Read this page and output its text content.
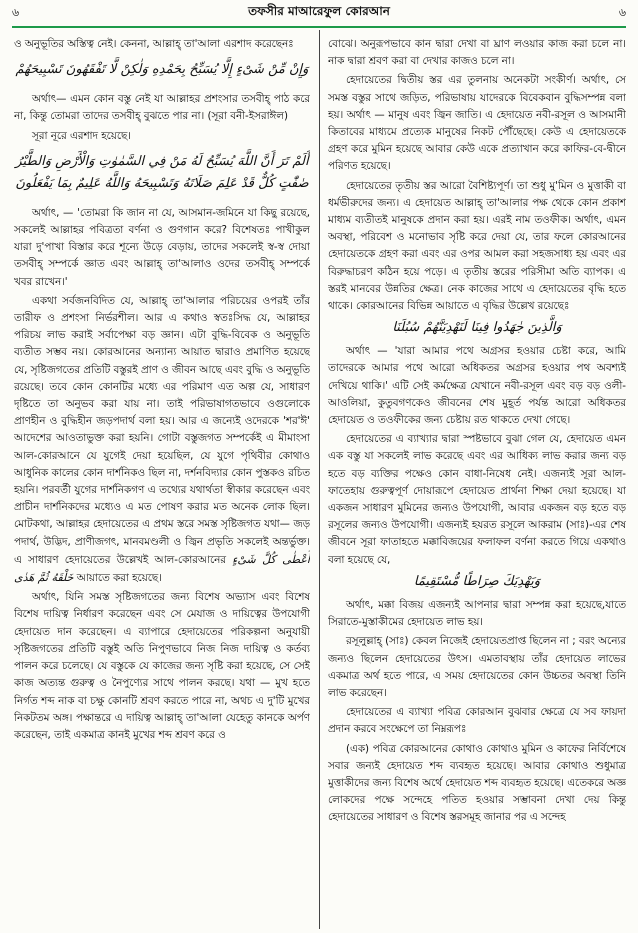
৬	তফসীর মাআরেফুল কোরআন	৬

ও অনুভূতির অস্তিত্ব নেই। কেননা, আল্লাহ্ তা'আলা এরশাদ করেছেনঃ

وَإِنْ مِّنْ شَىْءٍ إِلَّا يُسَبِّحُ بِحَمْدِهِ وَلٰكِنْ لَّا تَفْقَهُونَ تَسْبِيحَهُمْ

অর্থাৎ— এমন কোন বস্তু নেই যা আল্লাহর প্রশংসার তসবীহ্ পাঠ করে না, কিন্তু তোমরা তাদের তসবীহ্ বুঝতে পার না। (সূরা বনী-ইসরাঈল)

সূরা নূরে এরশাদ হয়েছে।

أَلَمْ تَرَ أَنَّ اللَّهَ يُسَبِّحُ لَهُ مَنْ فِي السَّمٰوٰتِ وَالْأَرْضِ وَالطَّيْرُ صٰفّٰتٍ كُلٌّ قَدْ عَلِمَ صَلَاتَهُ وَتَسْبِيحَهُ وَاللَّهُ عَلِيمٌ بِمَا يَفْعَلُونَ

অর্থাৎ, — 'তোমরা কি জান না যে, আসমান-জমিনে যা কিছু রয়েছে, সকলেই আল্লাহর পবিত্রতা বর্ণনা ও গুণগান করে? বিশেষতঃ পাখীকুল যারা দু'পাখা বিস্তার করে শূন্যে উড়ে বেড়ায়, তাদের সকলেই স্ব-স্ব দোয়া তসবীহ্ সম্পর্কে জ্ঞাত এবং আল্লাহ্ তা'আলাও ওদের তসবীহ্ সম্পর্কে খবর রাখেন।'

একথা সর্বজনবিদিত যে, আল্লাহ্ তা'আলার পরিচয়ের ওপরই তাঁর তারীফ ও প্রশংসা নির্ভরশীল। আর এ কথাও স্বতঃসিদ্ধ যে, আল্লাহর পরিচয় লাভ করাই সর্বাপেক্ষা বড় জ্ঞান। এটা বুদ্ধি-বিবেক ও অনুভূতি ব্যতীত সম্ভব নয়। কোরআনের অন্যান্য আয়াত দ্বারাও প্রমাণিত হয়েছে যে, সৃষ্টিজগতের প্রতিটি বস্তুরই প্রাণ ও জীবন আছে এবং বুদ্ধি ও অনুভূতি রয়েছে। তবে কোন কোনটির মধ্যে এর পরিমাণ এত অল্প যে, সাধারণ দৃষ্টিতে তা অনুভব করা যায় না। তাই পরিভাষাগতভাবে ওগুলোকে প্রাণহীন ও বুদ্ধিহীন জড়পদার্থ বলা হয়। আর এ জন্যেই ওদেরকে 'শর'ঈ' আদেশের আওতাভুক্ত করা হয়নি। গোটা বস্তুজগত সম্পর্কেই এ মীমাংসা আল-কোরআনে যে যুগেই দেয়া হয়েছিল, যে যুগে পৃথিবীর কোথাও আধুনিক কালের কোন দার্শনিকও ছিল না, দর্শনবিদ্যার কোন পুস্তকও রচিত হয়নি। পরবর্তী যুগের দার্শনিকগণ এ তথ্যের যথার্থতা স্বীকার করেছেন এবং প্রাচীন দার্শনিকদের মধ্যেও এ মত পোষণ করার মত অনেক লোক ছিল। মোটকথা, আল্লাহর হেদায়েতের এ প্রথম স্তরে সমস্ত সৃষ্টিজগত যথা— জড় পদার্থ, উদ্ভিদ, প্রাণীজগৎ, মানবমণ্ডলী ও জ্বিন প্রভৃতি সকলেই অন্তর্ভুক্ত। এ সাধারণ হেদায়েতের উল্লেখই আল-কোরআনের أَعْطٰى كُلَّ شَىْءٍ خَلْقَهُ ثُمَّ هَدٰى আয়াতে করা হয়েছে।

অর্থাৎ, যিনি সমস্ত সৃষ্টিজগতের জন্য বিশেষ অভ্যাস এবং বিশেষ বিশেষ দায়িত্ব নির্ধারণ করেছেন এবং সে মেযাজ ও দায়িত্বের উপযোগী হেদায়েত দান করেছেন। এ ব্যাপারে হেদায়েতের পরিকল্পনা অনুযায়ী সৃষ্টিজগতের প্রতিটি বস্তুই অতি নিপুণভাবে নিজ নিজ দায়িত্ব ও কর্তব্য পালন করে চলেছে। যে বস্তুকে যে কাজের জন্য সৃষ্টি করা হয়েছে, সে সেই কাজ অত্যন্ত গুরুত্ব ও নৈপুণ্যের সাথে পালন করছে। যথা — মুখ হতে নির্গত শব্দ নাক বা চক্ষু কোনটি শ্রবণ করতে পারে না, অথচ এ দু'টি মুখের নিকটতম অঙ্গ। পক্ষান্তরে এ দায়িত্ব আল্লাহ্ তা'আলা যেহেতু কানকে অর্পণ করেছেন, তাই একমাত্র কানই মুখের শব্দ শ্রবণ করে ও

বোঝে। অনুরূপভাবে কান দ্বারা দেখা বা ঘ্রাণ লওয়ার কাজ করা চলে না। নাক দ্বারা শ্রবণ করা বা দেখার কাজও চলে না।

হেদায়েতের দ্বিতীয় স্তর এর তুলনায় অনেকটা সংকীর্ণ। অর্থাৎ, সে সমস্ত বস্তুর সাথে জড়িত, পরিভাষায় যাদেরকে বিবেকবান বুদ্ধিসম্পন্ন বলা হয়। অর্থাৎ — মানুষ এবং জ্বিন জাতি। এ হেদায়েত নবী-রসূল ও আসমানী কিতাবের মাধ্যমে প্রত্যেক মানুষের নিকট পৌঁছেছে। কেউ এ হেদায়েতকে গ্রহণ করে মুমিন হয়েছে আবার কেউ একে প্রত্যাখান করে কাফির-বে-দ্বীনে পরিণত হয়েছে।

হেদায়েতের তৃতীয় স্তর আরো বৈশিষ্ট্যপূর্ণ। তা শুধু মু'মিন ও মুত্তাকী বা ধর্মভীরুদের জন্য। এ হেদায়েত আল্লাহ্ তা'আলার পক্ষ থেকে কোন প্রকাশ মাধ্যম ব্যতীতই মানুষকে প্রদান করা হয়। এরই নাম তওফীক। অর্থাৎ, এমন অবস্থা, পরিবেশ ও মনোভাব সৃষ্টি করে দেয়া যে, তার ফলে কোরআনের হেদায়েতকে গ্রহণ করা এবং এর ওপর আমল করা সহজসাধ্য হয় এবং এর বিরুদ্ধাচরণ কঠিন হয়ে পড়ে। এ তৃতীয় স্তরের পরিসীমা অতি ব্যাপক। এ স্তরই মানবের উন্নতির ক্ষেত্র। নেক কাজের সাথে এ হেদায়েতের বৃদ্ধি হতে থাকে। কোরআনের বিভিন্ন আয়াতে এ বৃদ্ধির উল্লেখ রয়েছেঃ

وَالَّذِينَ جٰهَدُوا فِينَا لَنَهْدِيَنَّهُمْ سُبُلَنَا

অর্থাৎ — 'যারা আমার পথে অগ্রসর হওয়ার চেষ্টা করে, আমি তাদেরকে আমার পথে আরো অধিকতর অগ্রসর হওয়ার পথ অবশ্যই দেখিয়ে থাকি।' এটি সেই কর্মক্ষেত্র যেখানে নবী-রসূল এবং বড় বড় ওলী-আওলিয়া, কুতুবগণকেও জীবনের শেষ মুহূর্ত পর্যন্ত আরো অধিকতর হেদায়েত ও তওফীকের জন্য চেষ্টায় রত থাকতে দেখা গেছে।

হেদায়েতের এ ব্যাখ্যার দ্বারা স্পষ্টভাবে বুঝা গেল যে, হেদায়েত এমন এক বস্তু যা সকলেই লাভ করেছে এবং এর আধিক্য লাভ করার জন্য বড় হতে বড় ব্যক্তির পক্ষেও কোন বাধা-নিষেধ নেই। এজন্যই সূরা আল-ফাতেহায় গুরুত্বপূর্ণ দোয়ারূপে হেদায়েত প্রার্থনা শিক্ষা দেয়া হয়েছে। যা একজন সাধারণ মুমিনের জন্যও উপযোগী, আবার একজন বড় হতে বড় রসূলের জন্যও উপযোগী। এজন্যই হযরত রসূলে আকরাম (সাঃ)-এর শেষ জীবনে সূরা ফাতাহতে মক্কাবিজয়ের ফলাফল বর্ণনা করতে গিয়ে একথাও বলা হয়েছে যে,

وَيَهْدِيَكَ صِرَاطًا مُّسْتَقِيمًا

অর্থাৎ, মক্কা বিজয় এজন্যই আপনার দ্বারা সম্পন্ন করা হয়েছে,যাতে সিরাতে-মুস্তাকীমের হেদায়েত লাভ হয়।

রসূলুল্লাহ্ (সাঃ) কেবল নিজেই হেদায়েতপ্রাপ্ত ছিলেন না ; বরং অন্যের জন্যও ছিলেন হেদায়েতের উৎস। এমতাবস্থায় তাঁর হেদায়েত লাভের একমাত্র অর্থ হতে পারে, এ সময় হেদায়েতের কোন উচ্চতর অবস্থা তিনি লাভ করেছেন।

হেদায়েতের এ ব্যাখ্যা পবিত্র কোরআন বুঝবার ক্ষেত্রে যে সব ফায়দা প্রদান করবে সংক্ষেপে তা নিম্নরূপঃ

(এক) পবিত্র কোরআনের কোথাও কোথাও মুমিন ও কাফের নির্বিশেষে সবার জন্যই হেদায়েত শব্দ ব্যবহৃত হয়েছে। আবার কোথাও শুধুমাত্র মুত্তাকীদের জন্য বিশেষ অর্থে হেদায়েত শব্দ ব্যবহৃত হয়েছে। এতেকরে অজ্ঞ লোকদের পক্ষে সন্দেহে পতিত হওয়ার সম্ভাবনা দেখা দেয় কিন্তু হেদায়েতের সাধারণ ও বিশেষ স্তরসমূহ জানার পর এ সন্দেহ
